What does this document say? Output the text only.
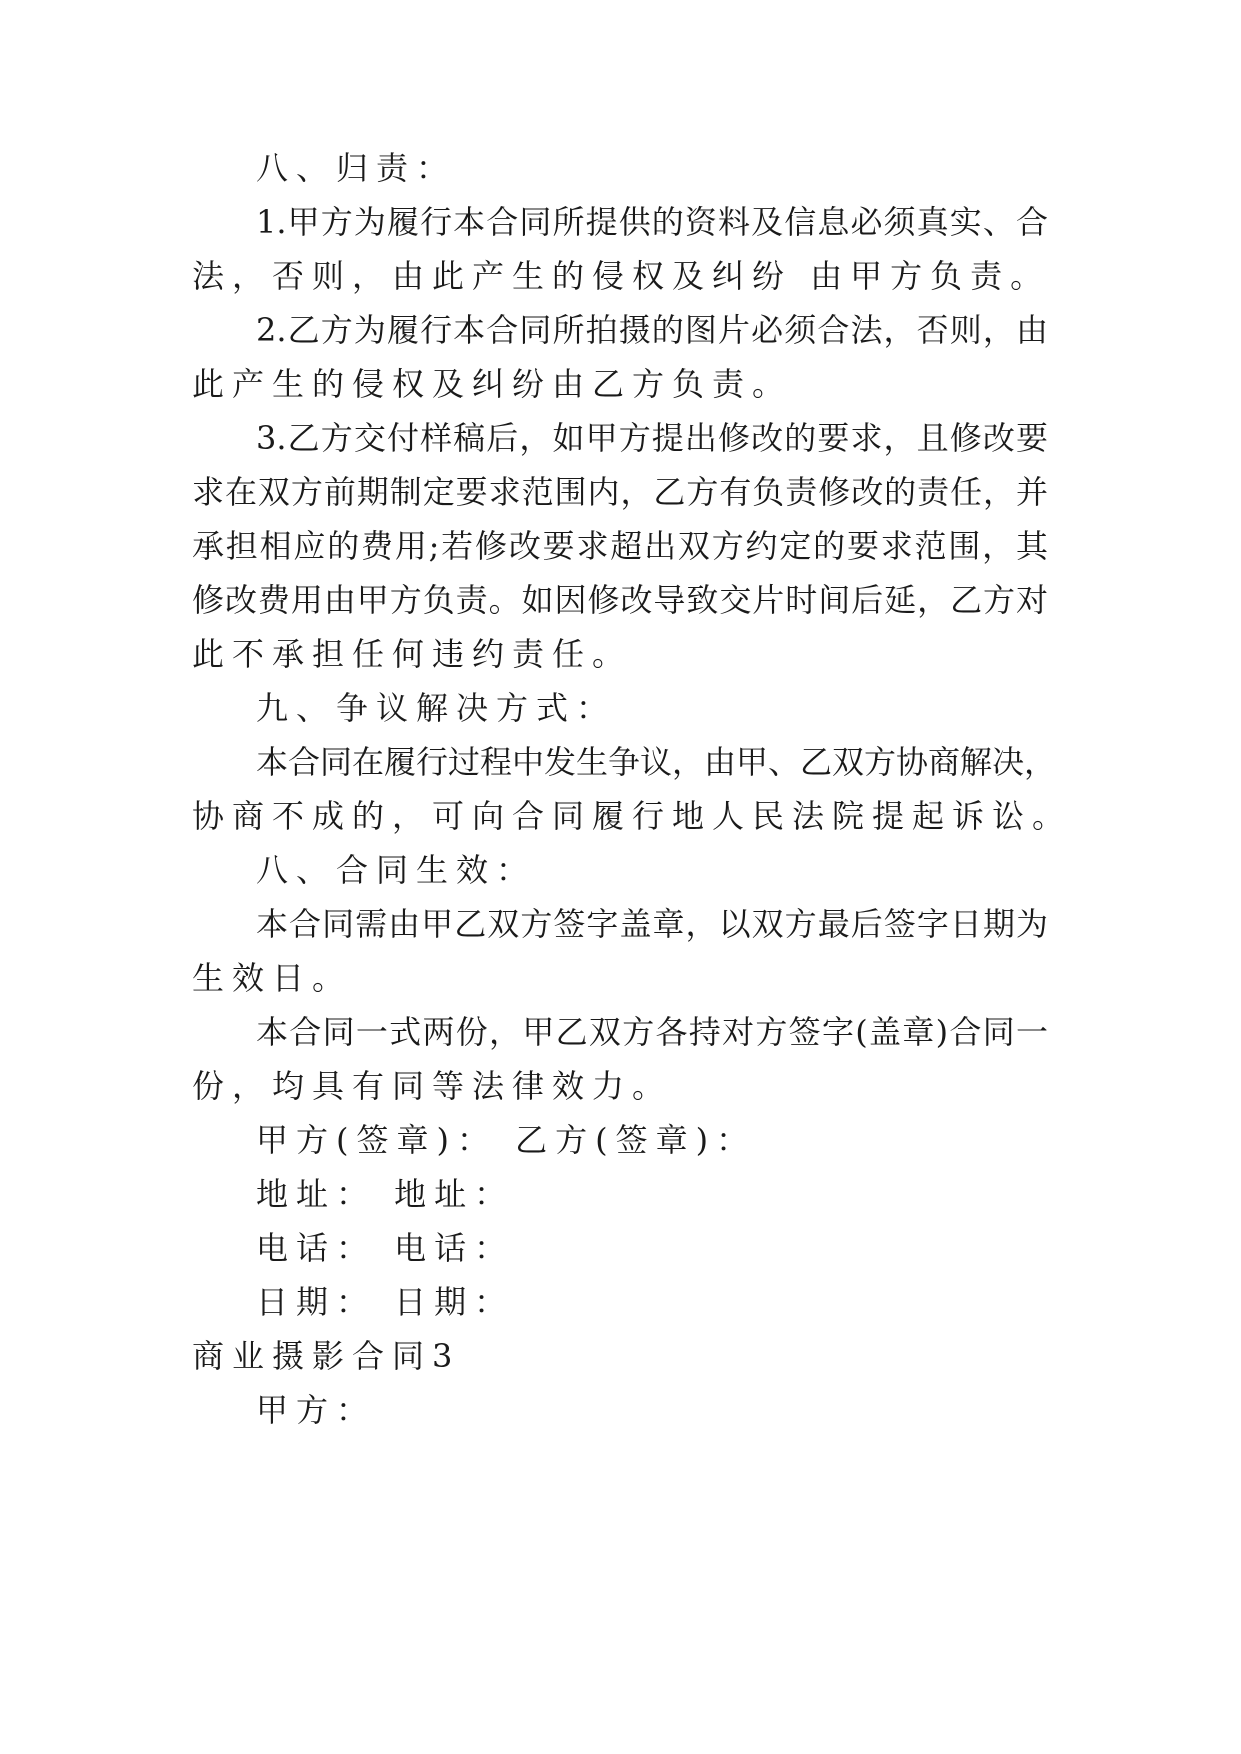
八、归责：
1.甲方为履行本合同所提供的资料及信息必须真实、合
法，否则，由此产生的侵权及纠纷 由甲方负责。
2.乙方为履行本合同所拍摄的图片必须合法，否则，由
此产生的侵权及纠纷由乙方负责。
3.乙方交付样稿后，如甲方提出修改的要求，且修改要
求在双方前期制定要求范围内，乙方有负责修改的责任，并
承担相应的费用;若修改要求超出双方约定的要求范围，其
修改费用由甲方负责。如因修改导致交片时间后延，乙方对
此不承担任何违约责任。
九、争议解决方式：
本合同在履行过程中发生争议，由甲、乙双方协商解决，
协商不成的，可向合同履行地人民法院提起诉讼。
八、合同生效：
本合同需由甲乙双方签字盖章，以双方最后签字日期为
生效日。
本合同一式两份，甲乙双方各持对方签字(盖章)合同一
份，均具有同等法律效力。
甲方(签章)： 乙方(签章)：
地址： 地址：
电话： 电话：
日期： 日期：
商业摄影合同3
甲方：
